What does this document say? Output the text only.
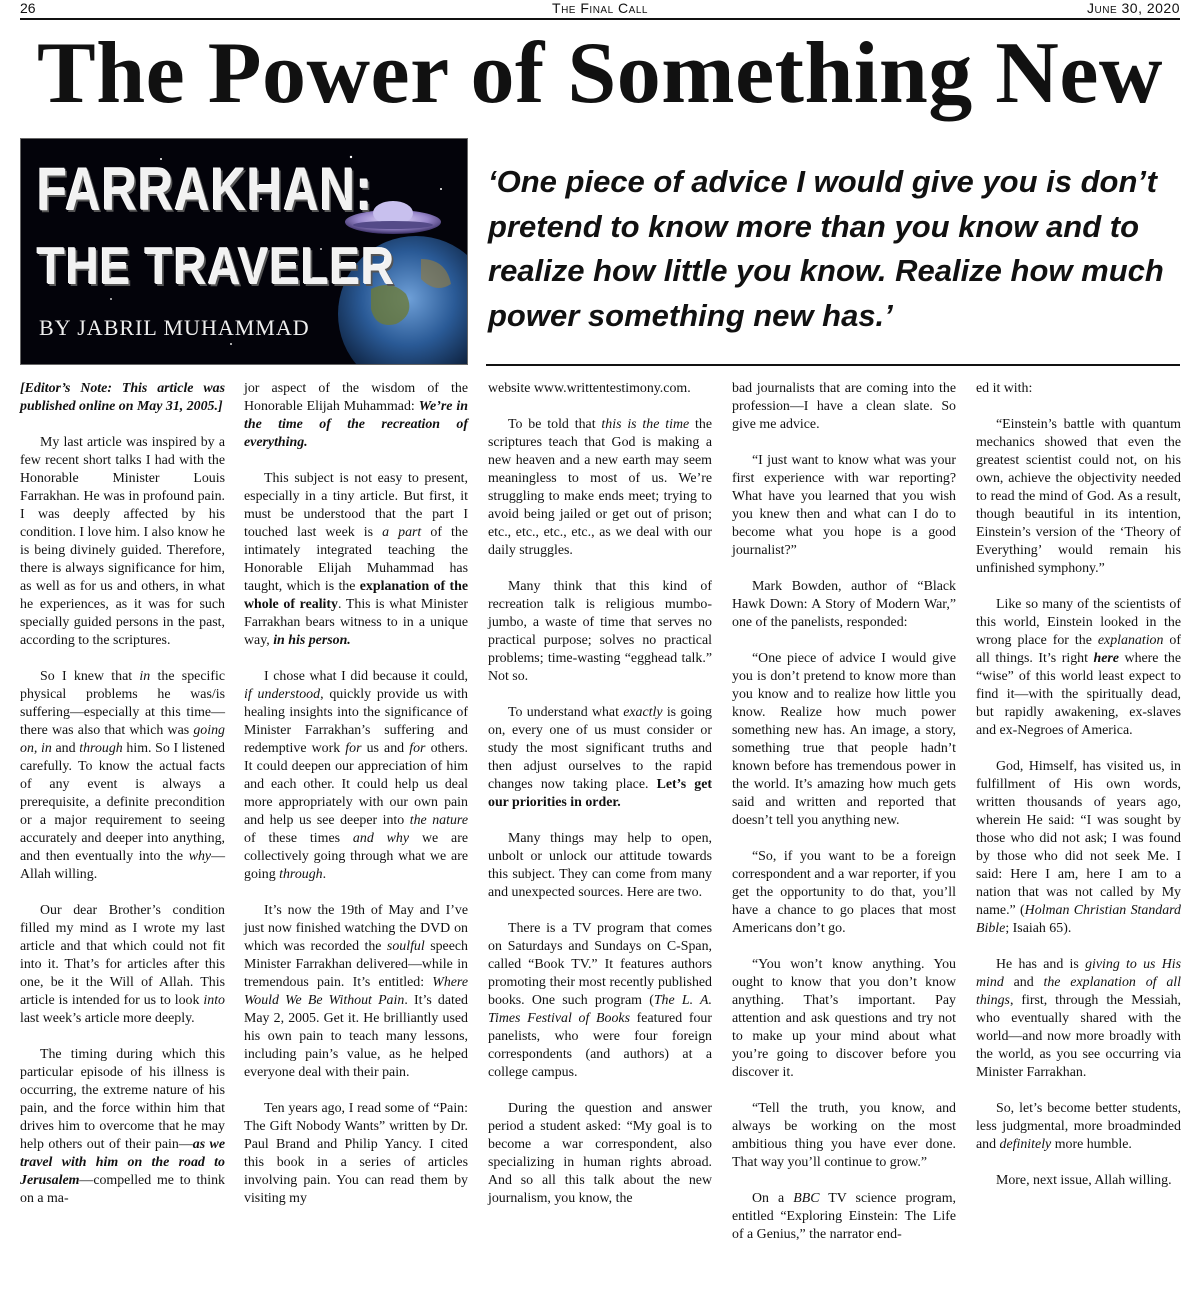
26	The Final Call	June 30, 2020
The Power of Something New
FARRAKHAN:
THE TRAVELER
BY JABRIL MUHAMMAD
‘One piece of advice I would give you is don’t pretend to know more than you know and to realize how little you know. Realize how much power something new has.’

[Editor’s Note: This article was published online on May 31, 2005.]

My last article was inspired by a few recent short talks I had with the Honorable Minister Louis Farrakhan. He was in profound pain. I was deeply affected by his condition. I love him. I also know he is being divinely guided. Therefore, there is always significance for him, as well as for us and others, in what he experiences, as it was for such specially guided persons in the past, according to the scriptures.

So I knew that in the specific physical problems he was/is suffering—especially at this time—there was also that which was going on, in and through him. So I listened carefully. To know the actual facts of any event is always a prerequisite, a definite precondition or a major requirement to seeing accurately and deeper into anything, and then eventually into the why—Allah willing.

Our dear Brother’s condition filled my mind as I wrote my last article and that which could not fit into it. That’s for articles after this one, be it the Will of Allah. This article is intended for us to look into last week’s article more deeply.

The timing during which this particular episode of his illness is occurring, the extreme nature of his pain, and the force within him that drives him to overcome that he may help others out of their pain—as we travel with him on the road to Jerusalem—compelled me to think on a ma-

jor aspect of the wisdom of the Honorable Elijah Muhammad: We’re in the time of the recreation of everything.

This subject is not easy to present, especially in a tiny article. But first, it must be understood that the part I touched last week is a part of the intimately integrated teaching the Honorable Elijah Muhammad has taught, which is the explanation of the whole of reality. This is what Minister Farrakhan bears witness to in a unique way, in his person.

I chose what I did because it could, if understood, quickly provide us with healing insights into the significance of Minister Farrakhan’s suffering and redemptive work for us and for others. It could deepen our appreciation of him and each other. It could help us deal more appropriately with our own pain and help us see deeper into the nature of these times and why we are collectively going through what we are going through.

It’s now the 19th of May and I’ve just now finished watching the DVD on which was recorded the soulful speech Minister Farrakhan delivered—while in tremendous pain. It’s entitled: Where Would We Be Without Pain. It’s dated May 2, 2005. Get it. He brilliantly used his own pain to teach many lessons, including pain’s value, as he helped everyone deal with their pain.

Ten years ago, I read some of “Pain: The Gift Nobody Wants” written by Dr. Paul Brand and Philip Yancy. I cited this book in a series of articles involving pain. You can read them by visiting my

website www.writtentestimony.com.

To be told that this is the time the scriptures teach that God is making a new heaven and a new earth may seem meaningless to most of us. We’re struggling to make ends meet; trying to avoid being jailed or get out of prison; etc., etc., etc., etc., as we deal with our daily struggles.

Many think that this kind of recreation talk is religious mumbo-jumbo, a waste of time that serves no practical purpose; solves no practical problems; time-wasting “egghead talk.” Not so.

To understand what exactly is going on, every one of us must consider or study the most significant truths and then adjust ourselves to the rapid changes now taking place. Let’s get our priorities in order.

Many things may help to open, unbolt or unlock our attitude towards this subject. They can come from many and unexpected sources. Here are two.

There is a TV program that comes on Saturdays and Sundays on C-Span, called “Book TV.” It features authors promoting their most recently published books. One such program (The L. A. Times Festival of Books featured four panelists, who were four foreign correspondents (and authors) at a college campus.

During the question and answer period a student asked: “My goal is to become a war correspondent, also specializing in human rights abroad. And so all this talk about the new journalism, you know, the

bad journalists that are coming into the profession—I have a clean slate. So give me advice.

“I just want to know what was your first experience with war reporting? What have you learned that you wish you knew then and what can I do to become what you hope is a good journalist?”

Mark Bowden, author of “Black Hawk Down: A Story of Modern War,” one of the panelists, responded:

“One piece of advice I would give you is don’t pretend to know more than you know and to realize how little you know. Realize how much power something new has. An image, a story, something true that people hadn’t known before has tremendous power in the world. It’s amazing how much gets said and written and reported that doesn’t tell you anything new.

“So, if you want to be a foreign correspondent and a war reporter, if you get the opportunity to do that, you’ll have a chance to go places that most Americans don’t go.

“You won’t know anything. You ought to know that you don’t know anything. That’s important. Pay attention and ask questions and try not to make up your mind about what you’re going to discover before you discover it.

“Tell the truth, you know, and always be working on the most ambitious thing you have ever done. That way you’ll continue to grow.”

On a BBC TV science program, entitled “Exploring Einstein: The Life of a Genius,” the narrator end-

ed it with:

“Einstein’s battle with quantum mechanics showed that even the greatest scientist could not, on his own, achieve the objectivity needed to read the mind of God. As a result, though beautiful in its intention, Einstein’s version of the ‘Theory of Everything’ would remain his unfinished symphony.”

Like so many of the scientists of this world, Einstein looked in the wrong place for the explanation of all things. It’s right here where the “wise” of this world least expect to find it—with the spiritually dead, but rapidly awakening, ex-slaves and ex-Negroes of America.

God, Himself, has visited us, in fulfillment of His own words, written thousands of years ago, wherein He said: “I was sought by those who did not ask; I was found by those who did not seek Me. I said: Here I am, here I am to a nation that was not called by My name.” (Holman Christian Standard Bible; Isaiah 65).

He has and is giving to us His mind and the explanation of all things, first, through the Messiah, who eventually shared with the world—and now more broadly with the world, as you see occurring via Minister Farrakhan.

So, let’s become better students, less judgmental, more broadminded and definitely more humble.

More, next issue, Allah willing.
